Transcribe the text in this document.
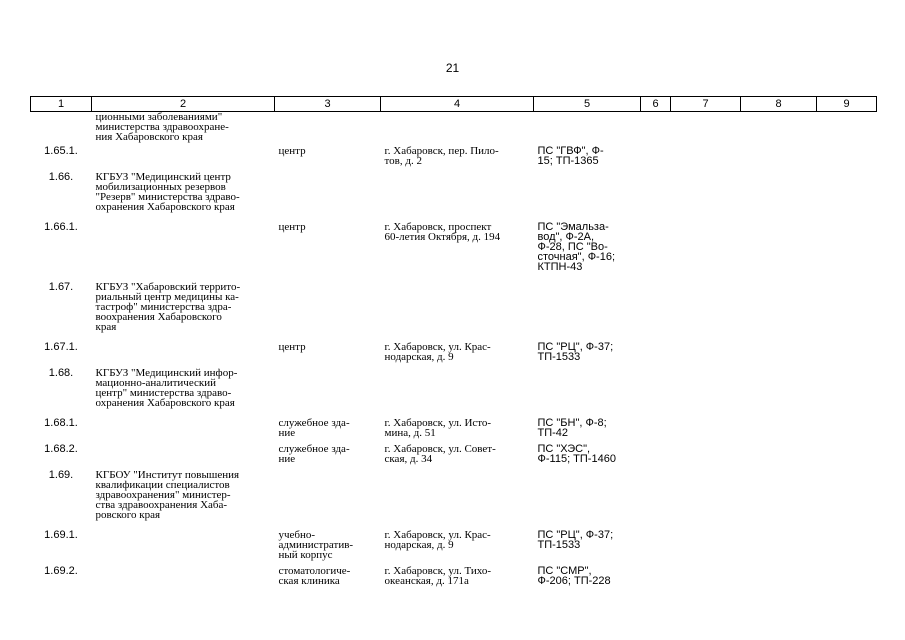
21
1	2	3	4	5	6	7	8	9
	ционными заболеваниями"
министерства здравоохране-
ния Хабаровского края							
1.65.1.		центр	г. Хабаровск, пер. Пило-
тов, д. 2	ПС "ГВФ", Ф-
15; ТП-1365				
1.66.	КГБУЗ "Медицинский центр
мобилизационных резервов
"Резерв" министерства здраво-
охранения Хабаровского края							
1.66.1.		центр	г. Хабаровск, проспект
60-летия Октября, д. 194	ПС "Эмальза-
вод", Ф-2А,
Ф-28, ПС "Во-
сточная", Ф-16;
КТПН-43				
1.67.	КГБУЗ "Хабаровский террито-
риальный центр медицины ка-
тастроф" министерства здра-
воохранения Хабаровского
края							
1.67.1.		центр	г. Хабаровск, ул. Крас-
нодарская, д. 9	ПС "РЦ", Ф-37;
ТП-1533				
1.68.	КГБУЗ "Медицинский инфор-
мационно-аналитический
центр" министерства здраво-
охранения Хабаровского края							
1.68.1.		служебное зда-
ние	г. Хабаровск, ул. Исто-
мина, д. 51	ПС "БН", Ф-8;
ТП-42				
1.68.2.		служебное зда-
ние	г. Хабаровск, ул. Совет-
ская, д. 34	ПС "ХЭС",
Ф-115; ТП-1460				
1.69.	КГБОУ "Институт повышения
квалификации специалистов
здравоохранения" министер-
ства здравоохранения Хаба-
ровского края							
1.69.1.		учебно-
административ-
ный корпус	г. Хабаровск, ул. Крас-
нодарская, д. 9	ПС "РЦ", Ф-37;
ТП-1533				
1.69.2.		стоматологиче-
ская клиника	г. Хабаровск, ул. Тихо-
океанская, д. 171а	ПС "СМР",
Ф-206; ТП-228				
